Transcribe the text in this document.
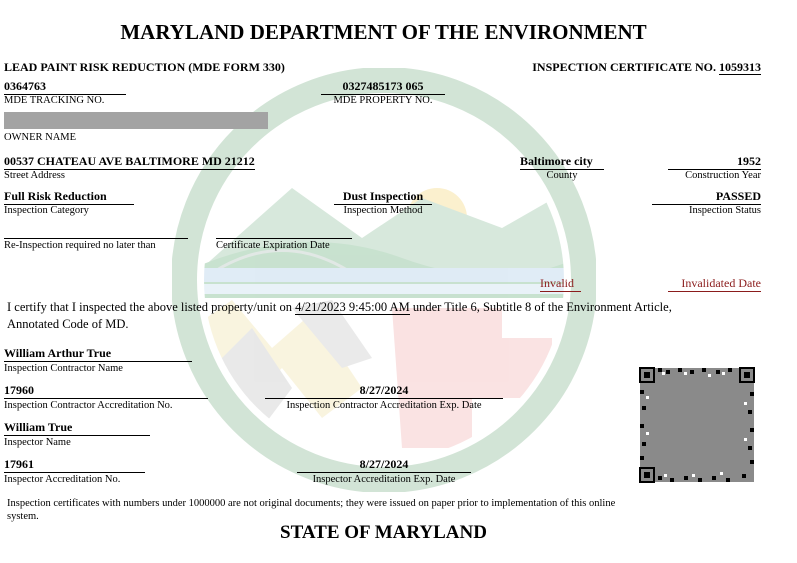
MARYLAND DEPARTMENT OF THE ENVIRONMENT
LEAD PAINT RISK REDUCTION (MDE FORM 330)	INSPECTION CERTIFICATE NO. 1059313
0364763
MDE TRACKING NO.
0327485173 065
MDE PROPERTY NO.
OWNER NAME
00537 CHATEAU AVE BALTIMORE MD 21212
Street Address
Baltimore city
County
1952
Construction Year
Full Risk Reduction
Inspection Category
Dust Inspection
Inspection Method
PASSED
Inspection Status
Re-Inspection required no later than	Certificate Expiration Date
Invalid	Invalidated Date
I certify that I inspected the above listed property/unit on 4/21/2023 9:45:00 AM under Title 6, Subtitle 8 of the Environment Article,
Annotated Code of MD.
William Arthur True
Inspection Contractor Name
17960
Inspection Contractor Accreditation No.
8/27/2024
Inspection Contractor Accreditation Exp. Date
William True
Inspector Name
17961
Inspector Accreditation No.
8/27/2024
Inspector Accreditation Exp. Date
Inspection certificates with numbers under 1000000 are not original documents; they were issued on paper prior to implementation of this online
system.
STATE OF MARYLAND
